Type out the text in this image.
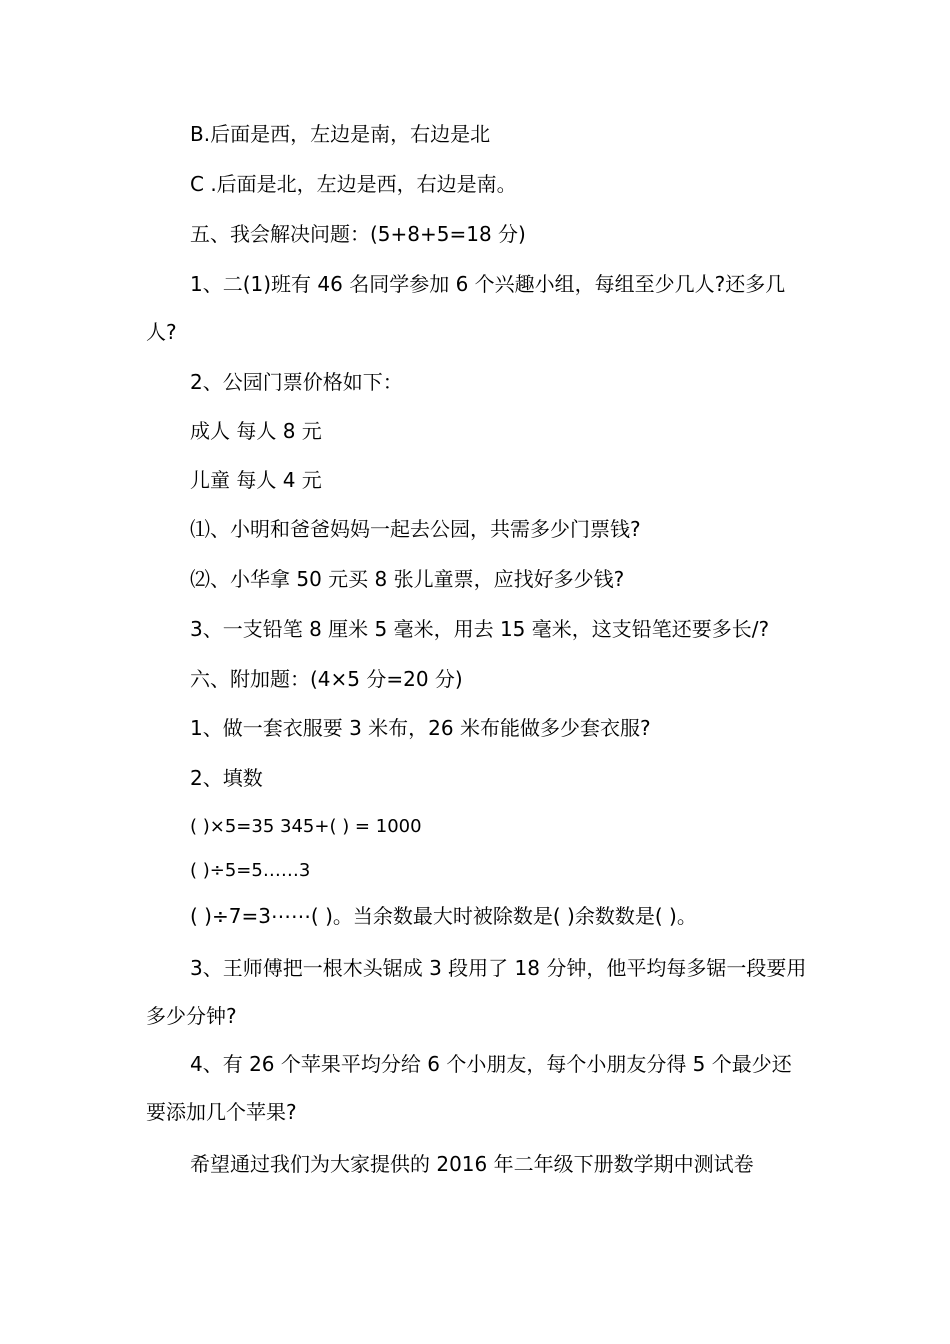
B.后面是西，左边是南，右边是北
C .后面是北，左边是西，右边是南。
五、我会解决问题：(5+8+5=18 分)
1、二(1)班有 46 名同学参加 6 个兴趣小组，每组至少几人?还多几人?
2、公园门票价格如下：
成人 每人 8 元
儿童 每人 4 元
⑴、小明和爸爸妈妈一起去公园，共需多少门票钱?
⑵、小华拿 50 元买 8 张儿童票，应找好多少钱?
3、一支铅笔 8 厘米 5 毫米，用去 15 毫米，这支铅笔还要多长/?
六、附加题：(4×5 分=20 分)
1、做一套衣服要 3 米布，26 米布能做多少套衣服?
2、填数
( )×5=35 345+( ) = 1000
( )÷5=5……3
( )÷7=3⋯⋯( )。当余数最大时被除数是( )余数数是( )。
3、王师傅把一根木头锯成 3 段用了 18 分钟，他平均每多锯一段要用多少分钟?
4、有 26 个苹果平均分给 6 个小朋友，每个小朋友分得 5 个最少还要添加几个苹果?
希望通过我们为大家提供的 2016 年二年级下册数学期中测试卷
